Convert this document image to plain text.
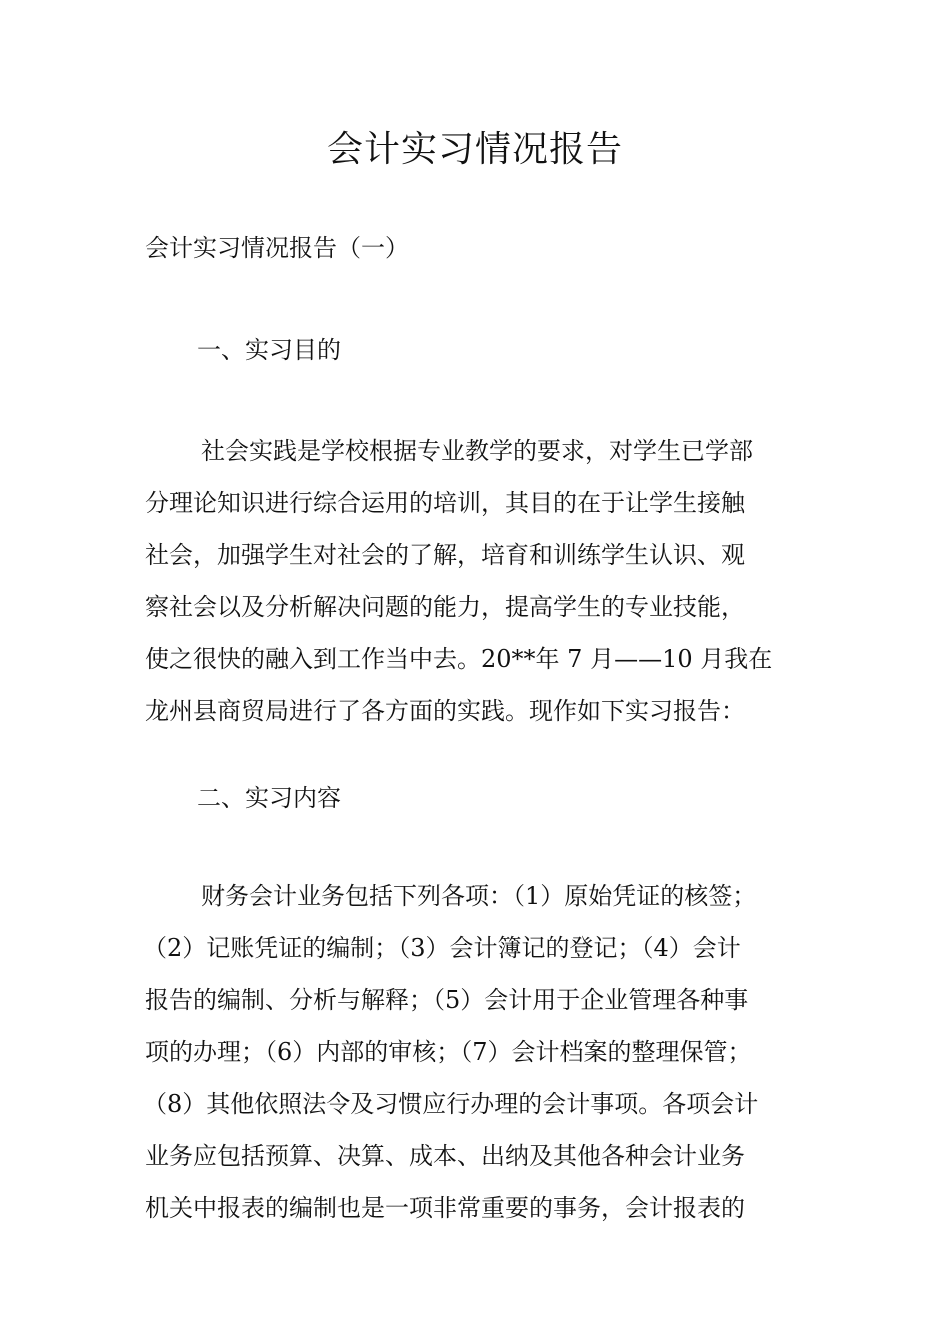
会计实习情况报告
会计实习情况报告（一）
一、实习目的
社会实践是学校根据专业教学的要求，对学生已学部
分理论知识进行综合运用的培训，其目的在于让学生接触
社会，加强学生对社会的了解，培育和训练学生认识、观
察社会以及分析解决问题的能力，提高学生的专业技能，
使之很快的融入到工作当中去。20**年 7 月——10 月我在
龙州县商贸局进行了各方面的实践。现作如下实习报告：
二、实习内容
财务会计业务包括下列各项：（1）原始凭证的核签；
（2）记账凭证的编制；（3）会计簿记的登记；（4）会计
报告的编制、分析与解释；（5）会计用于企业管理各种事
项的办理；（6）内部的审核；（7）会计档案的整理保管；
（8）其他依照法令及习惯应行办理的会计事项。各项会计
业务应包括预算、决算、成本、出纳及其他各种会计业务
机关中报表的编制也是一项非常重要的事务，会计报表的
